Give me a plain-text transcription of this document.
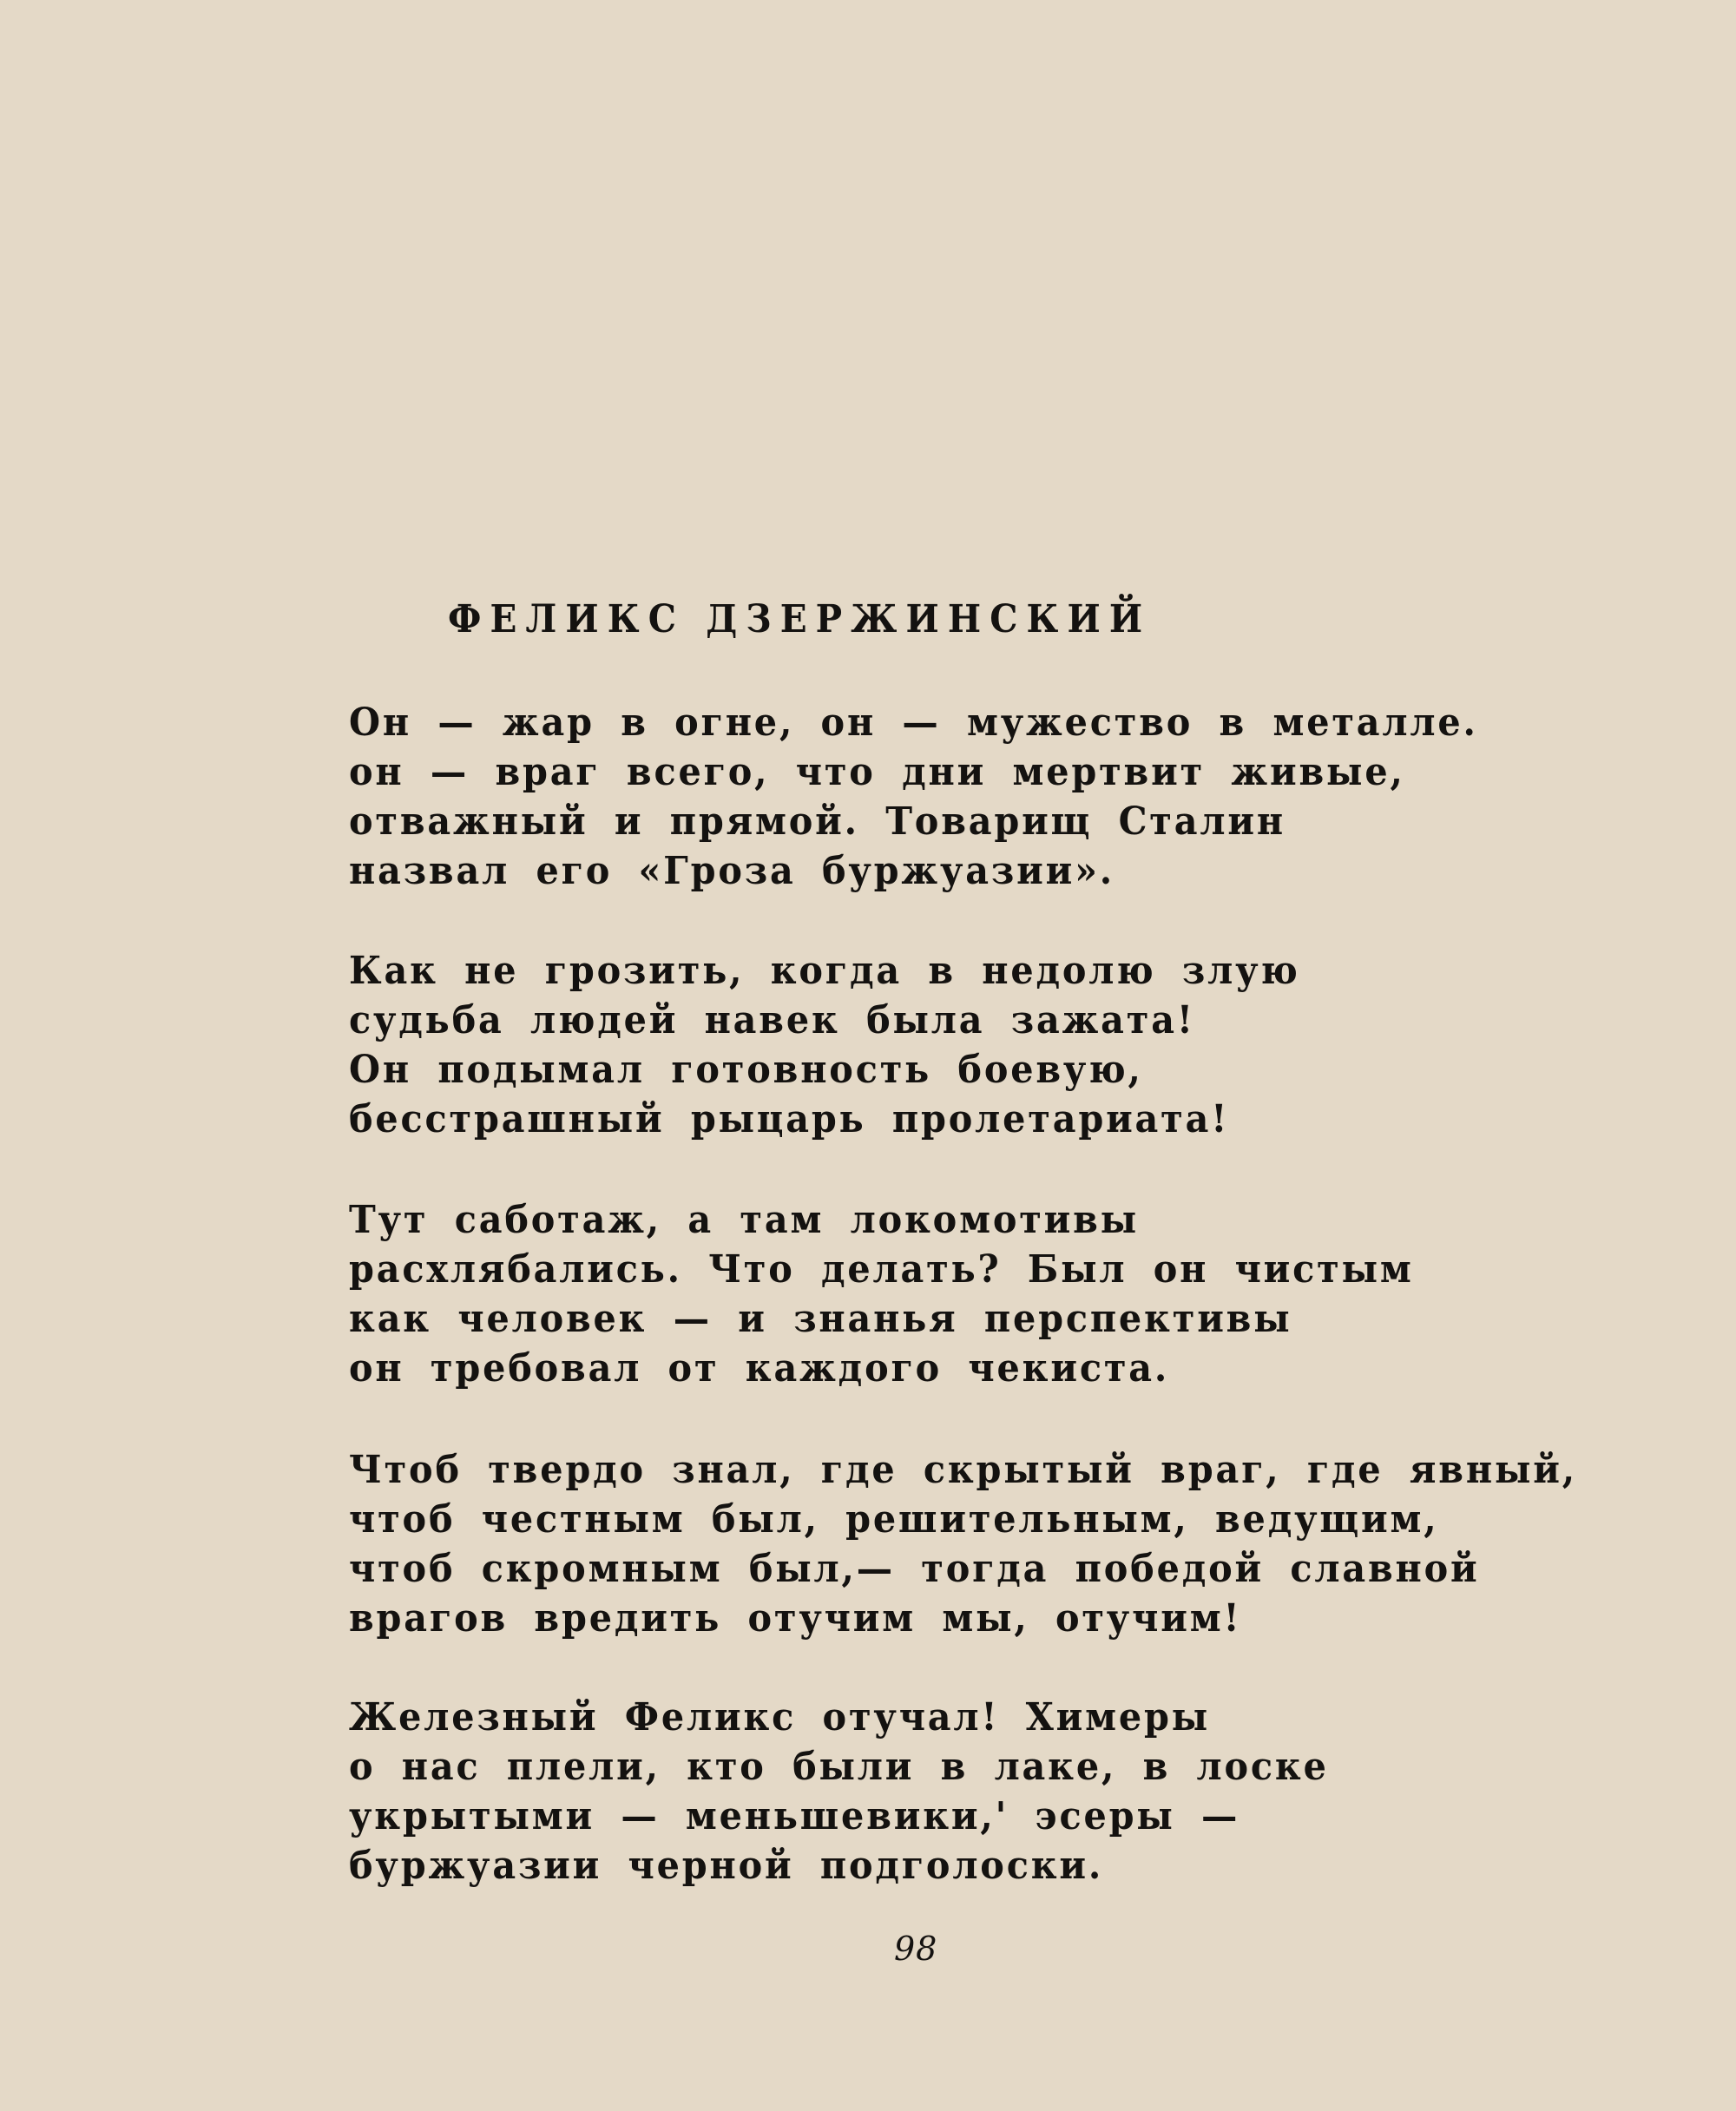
ФЕЛИКС ДЗЕРЖИНСКИЙ
Он — жар в огне, он — мужество в металле.
он — враг всего, что дни мертвит живые,
отважный и прямой. Товарищ Сталин
назвал его «Гроза буржуазии».
Как не грозить, когда в недолю злую
судьба людей навек была зажата!
Он подымал готовность боевую,
бесстрашный рыцарь пролетариата!
Тут саботаж, а там локомотивы
расхлябались. Что делать? Был он чистым
как человек — и знанья перспективы
он требовал от каждого чекиста.
Чтоб твердо знал, где скрытый враг, где явный,
чтоб честным был, решительным, ведущим,
чтоб скромным был,— тогда победой славной
врагов вредить отучим мы, отучим!
Железный Феликс отучал! Химеры
о нас плели, кто были в лаке, в лоске
укрытыми — меньшевики,' эсеры —
буржуазии черной подголоски.
98
